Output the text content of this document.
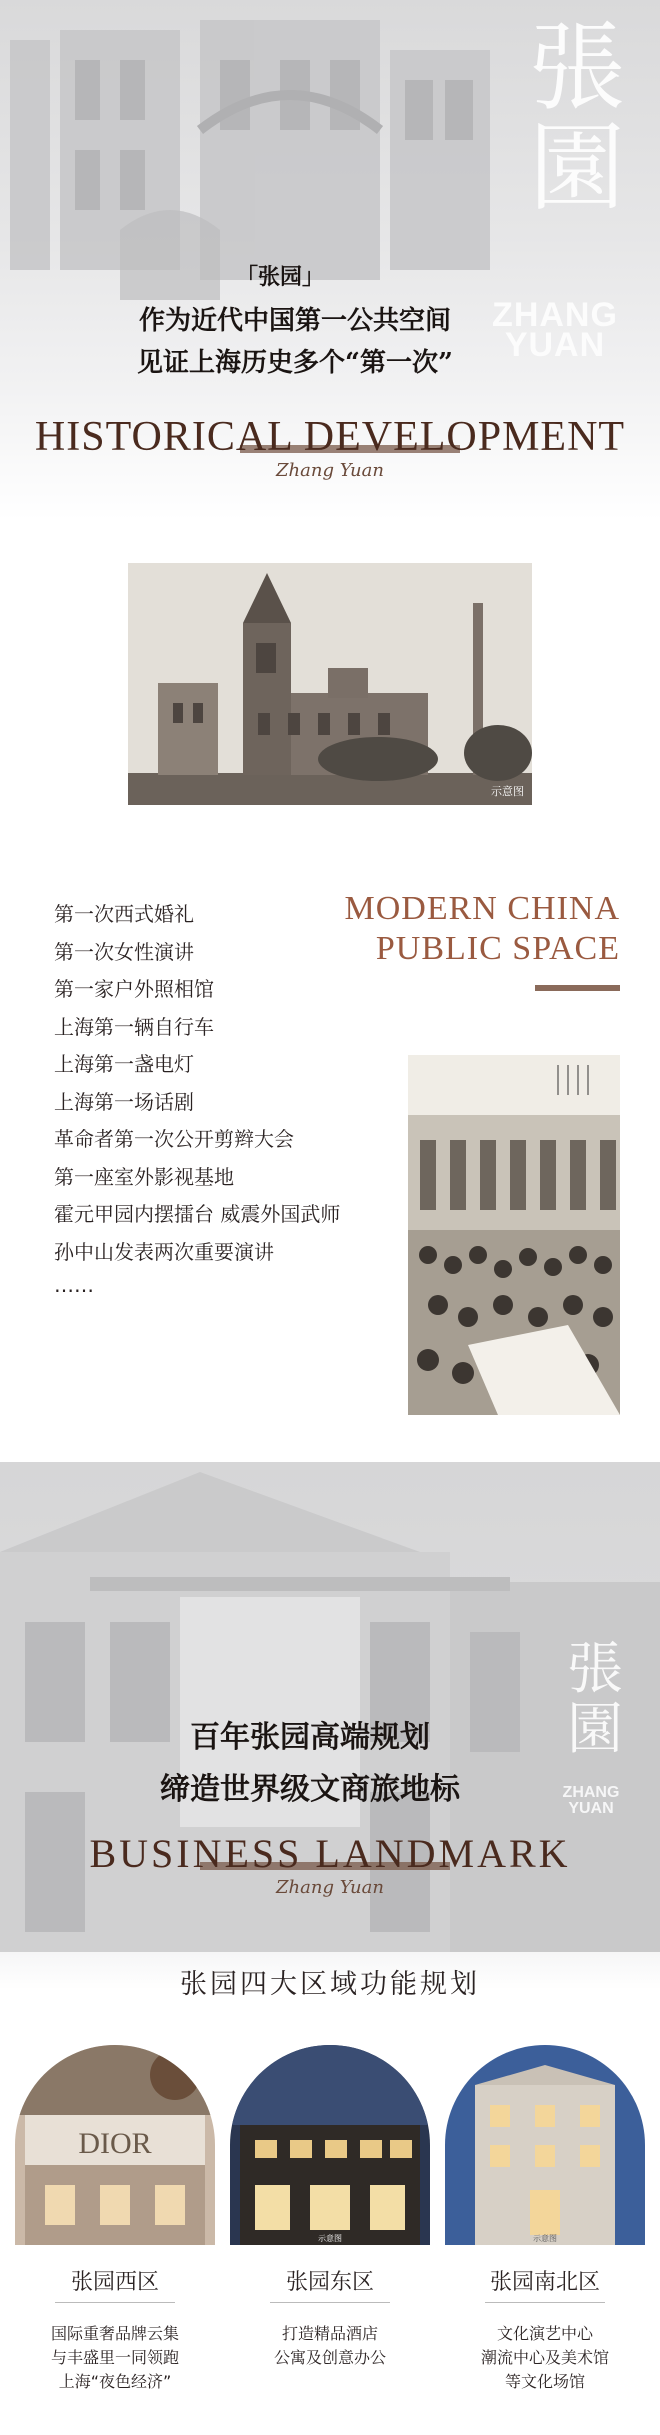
張園
ZHANG
YUAN
「张园」
作为近代中国第一公共空间
见证上海历史多个“第一次”
HISTORICAL DEVELOPMENT
Zhang Yuan
示意图
第一次西式婚礼
第一次女性演讲
第一家户外照相馆
上海第一辆自行车
上海第一盏电灯
上海第一场话剧
革命者第一次公开剪辫大会
第一座室外影视基地
霍元甲园内摆擂台 威震外国武师
孙中山发表两次重要演讲
……
MODERN CHINA
PUBLIC SPACE
張園
ZHANG
YUAN
百年张园高端规划
缔造世界级文商旅地标
BUSINESS LANDMARK
Zhang Yuan
张园四大区域功能规划
DIOR
张园西区
国际重奢品牌云集
与丰盛里一同领跑
上海“夜色经济”
示意图
张园东区
打造精品酒店
公寓及创意办公
示意图
张园南北区
文化演艺中心
潮流中心及美术馆
等文化场馆
